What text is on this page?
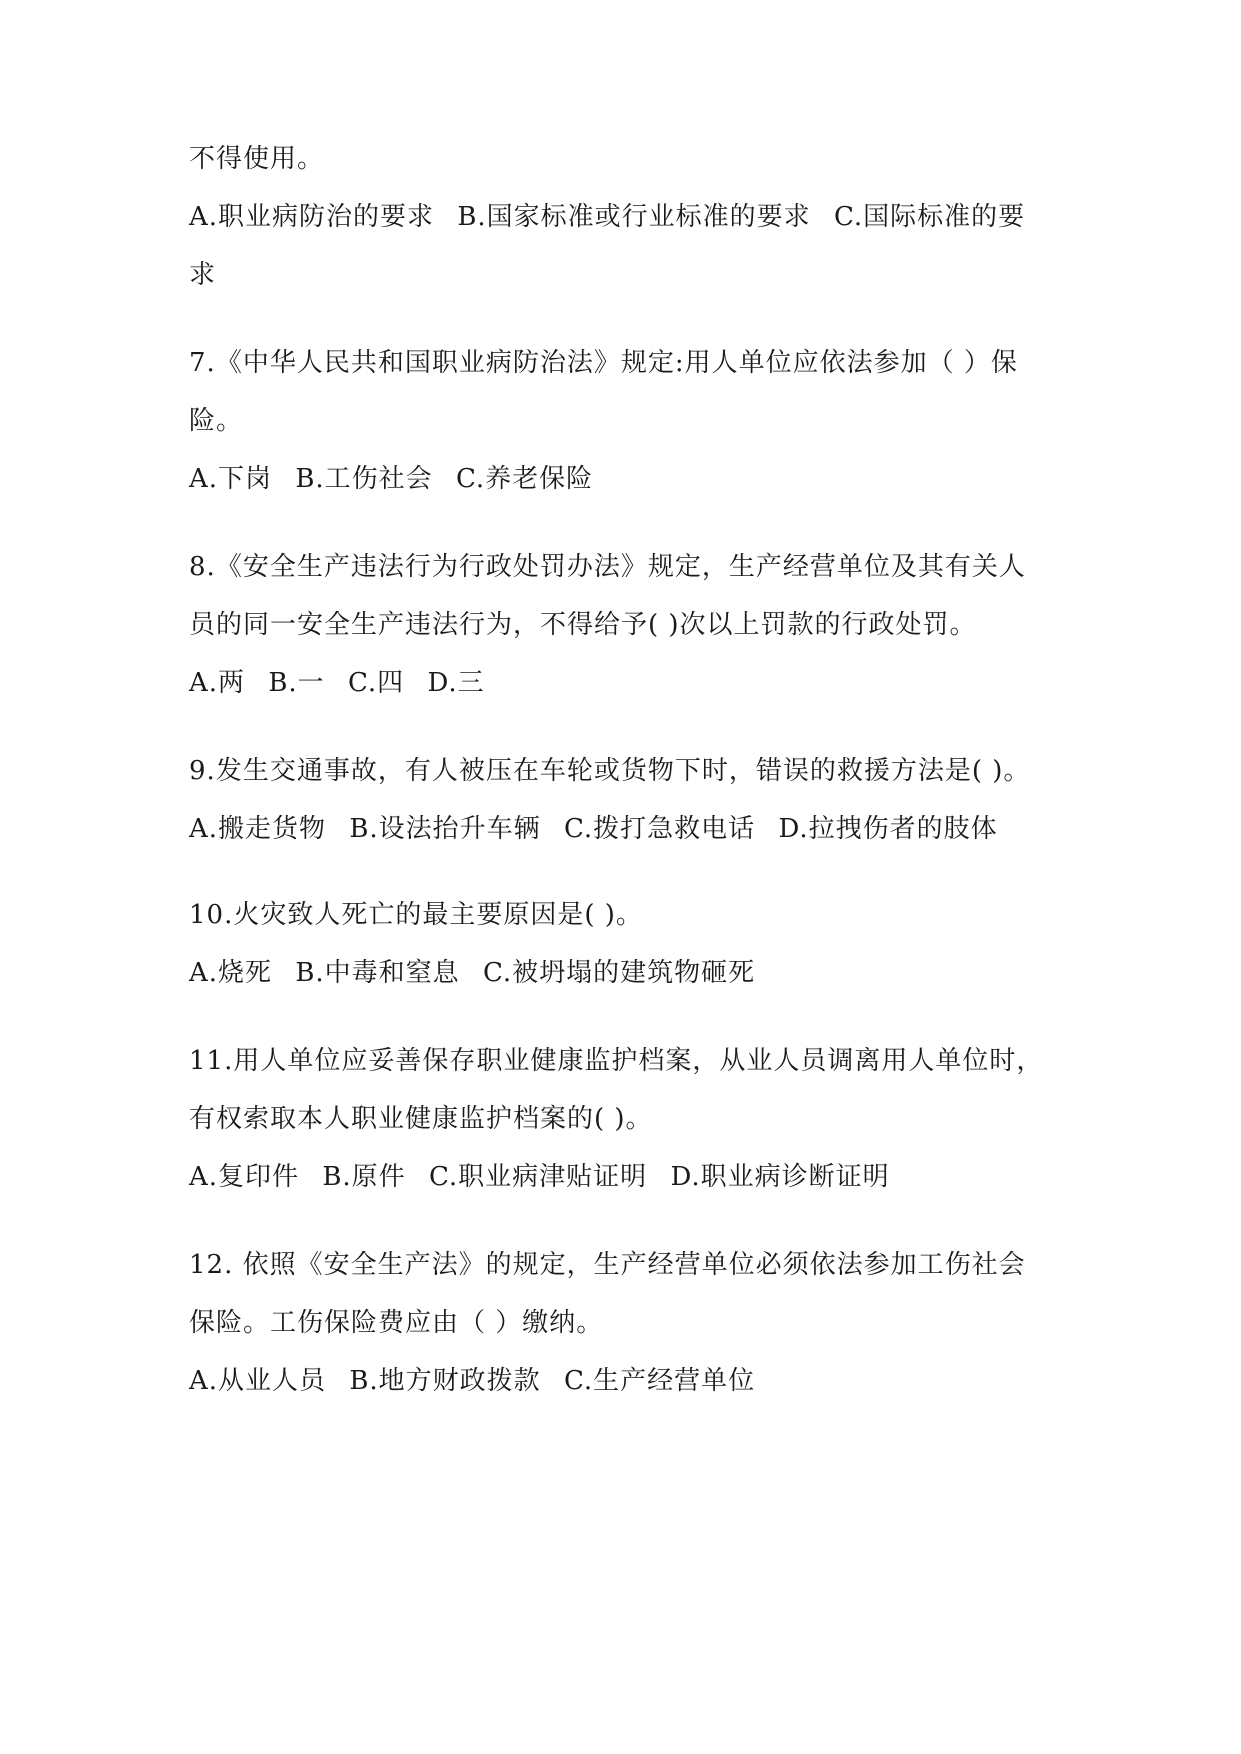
不得使用。
A.职业病防治的要求 B.国家标准或行业标准的要求 C.国际标准的要
求
7.《中华人民共和国职业病防治法》规定:用人单位应依法参加（ ）保
险。
A.下岗 B.工伤社会 C.养老保险
8.《安全生产违法行为行政处罚办法》规定，生产经营单位及其有关人
员的同一安全生产违法行为，不得给予( )次以上罚款的行政处罚。
A.两 B.一 C.四 D.三
9.发生交通事故，有人被压在车轮或货物下时，错误的救援方法是( )。
A.搬走货物 B.设法抬升车辆 C.拨打急救电话 D.拉拽伤者的肢体
10.火灾致人死亡的最主要原因是( )。
A.烧死 B.中毒和窒息 C.被坍塌的建筑物砸死
11.用人单位应妥善保存职业健康监护档案，从业人员调离用人单位时，
有权索取本人职业健康监护档案的( )。
A.复印件 B.原件 C.职业病津贴证明 D.职业病诊断证明
12. 依照《安全生产法》的规定，生产经营单位必须依法参加工伤社会
保险。工伤保险费应由（ ）缴纳。
A.从业人员 B.地方财政拨款 C.生产经营单位
